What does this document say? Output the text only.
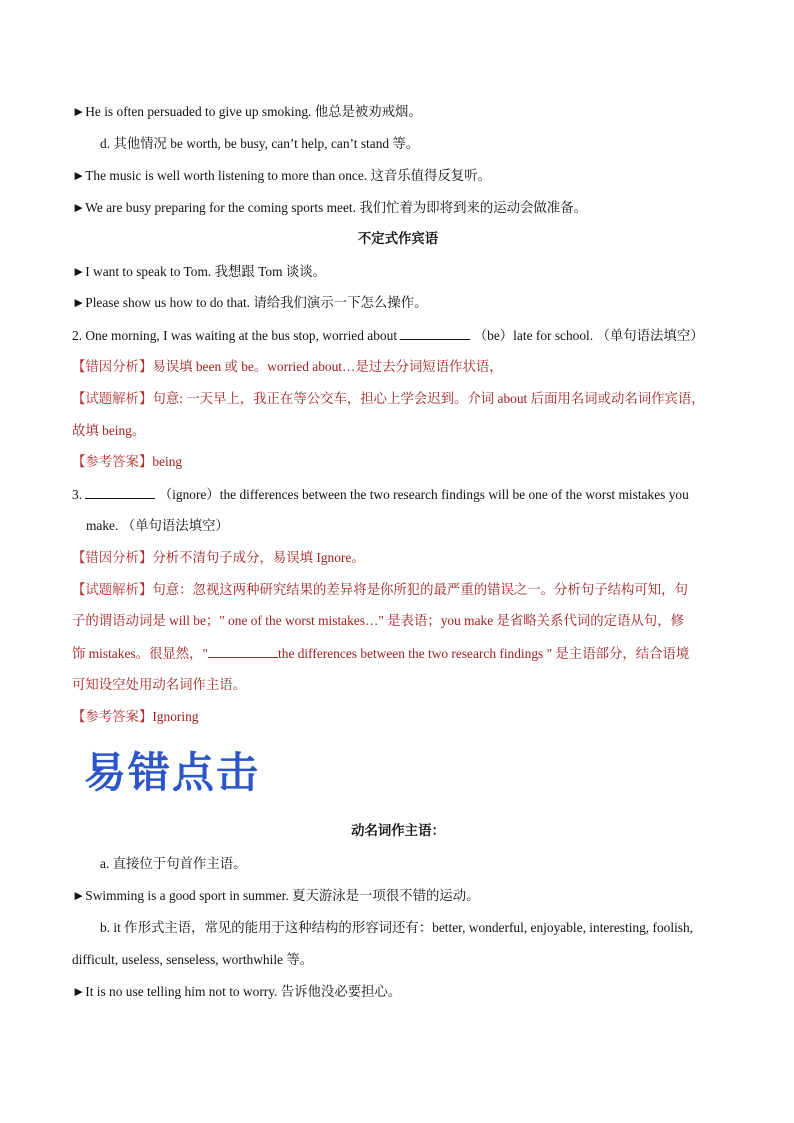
►He is often persuaded to give up smoking. 他总是被劝戒烟。
d. 其他情况 be worth, be busy, can’t help, can’t stand 等。
►The music is well worth listening to more than once. 这音乐值得反复听。
►We are busy preparing for the coming sports meet. 我们忙着为即将到来的运动会做准备。
不定式作宾语
►I want to speak to Tom. 我想跟 Tom 谈谈。
►Please show us how to do that. 请给我们演示一下怎么操作。
2. One morning, I was waiting at the bus stop, worried about	（be）late for school. （单句语法填空）
【错因分析】易误填 been 或 be。worried about…是过去分词短语作状语，
【试题解析】句意: 一天早上，我正在等公交车，担心上学会迟到。介词 about 后面用名词或动名词作宾语，
故填 being。
【参考答案】being
3.	（ignore）the differences between the two research findings will be one of the worst mistakes you
make. （单句语法填空）
【错因分析】分析不清句子成分，易误填 Ignore。
【试题解析】句意：忽视这两种研究结果的差异将是你所犯的最严重的错误之一。分析句子结构可知，句
子的谓语动词是 will be；" one of the worst mistakes…" 是表语；you make 是省略关系代词的定语从句，修
饰 mistakes。很显然，"	the differences between the two research findings " 是主语部分，结合语境
可知设空处用动名词作主语。
【参考答案】Ignoring
易错点击
动名词作主语：
a. 直接位于句首作主语。
►Swimming is a good sport in summer. 夏天游泳是一项很不错的运动。
b. it 作形式主语，常见的能用于这种结构的形容词还有：better, wonderful, enjoyable, interesting, foolish,
difficult, useless, senseless, worthwhile 等。
►It is no use telling him not to worry. 告诉他没必要担心。
